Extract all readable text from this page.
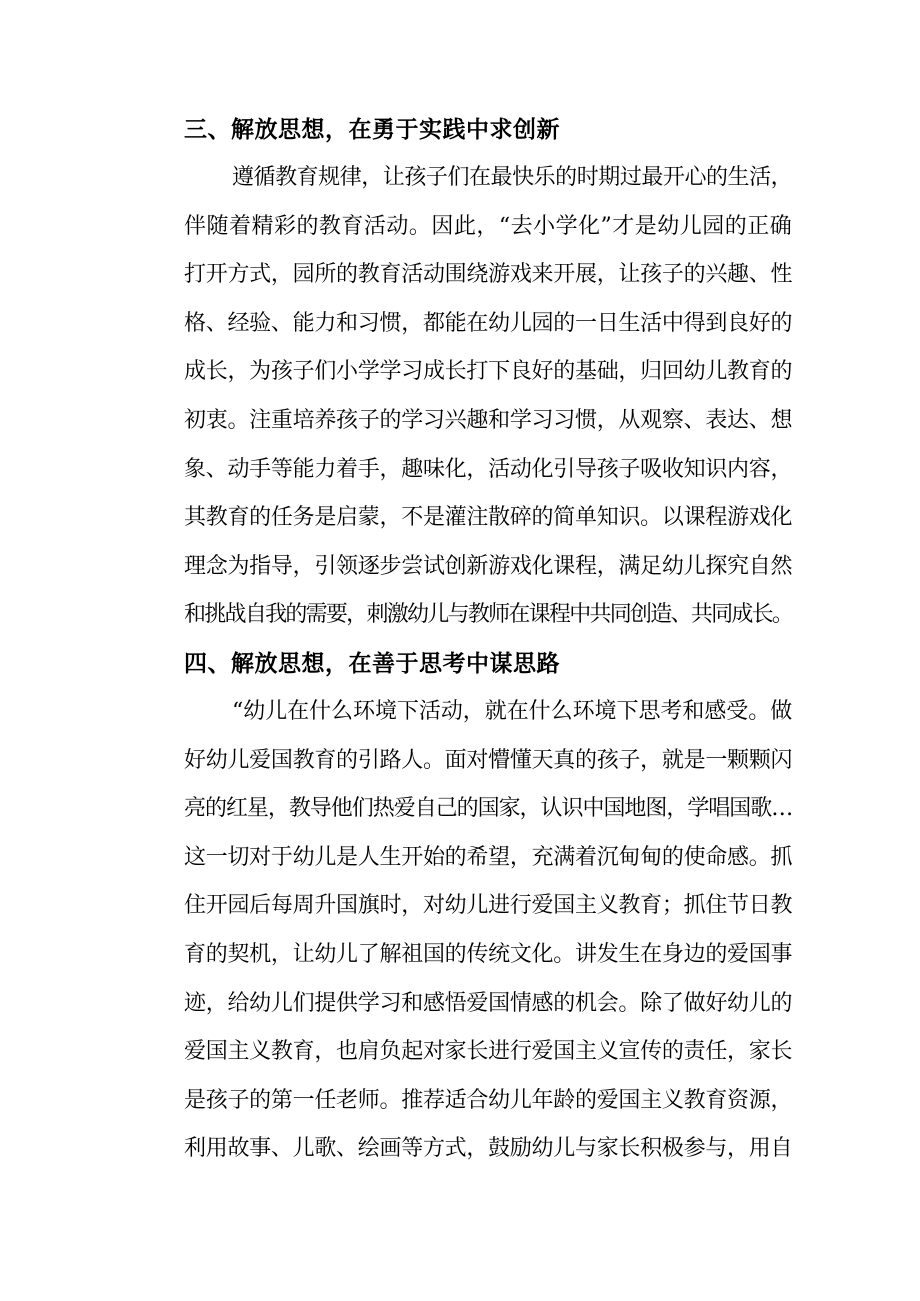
三、解放思想，在勇于实践中求创新
遵循教育规律，让孩子们在最快乐的时期过最开心的生活，
伴随着精彩的教育活动。因此，“去小学化”才是幼儿园的正确
打开方式，园所的教育活动围绕游戏来开展，让孩子的兴趣、性
格、经验、能力和习惯，都能在幼儿园的一日生活中得到良好的
成长，为孩子们小学学习成长打下良好的基础，归回幼儿教育的
初衷。注重培养孩子的学习兴趣和学习习惯，从观察、表达、想
象、动手等能力着手，趣味化，活动化引导孩子吸收知识内容，
其教育的任务是启蒙，不是灌注散碎的简单知识。以课程游戏化
理念为指导，引领逐步尝试创新游戏化课程，满足幼儿探究自然
和挑战自我的需要，刺激幼儿与教师在课程中共同创造、共同成长。
四、解放思想，在善于思考中谋思路
“幼儿在什么环境下活动，就在什么环境下思考和感受。做
好幼儿爱国教育的引路人。面对懵懂天真的孩子，就是一颗颗闪
亮的红星，教导他们热爱自己的国家，认识中国地图，学唱国歌…
这一切对于幼儿是人生开始的希望，充满着沉甸甸的使命感。抓
住开园后每周升国旗时，对幼儿进行爱国主义教育；抓住节日教
育的契机，让幼儿了解祖国的传统文化。讲发生在身边的爱国事
迹，给幼儿们提供学习和感悟爱国情感的机会。除了做好幼儿的
爱国主义教育，也肩负起对家长进行爱国主义宣传的责任，家长
是孩子的第一任老师。推荐适合幼儿年龄的爱国主义教育资源，
利用故事、儿歌、绘画等方式，鼓励幼儿与家长积极参与，用自
